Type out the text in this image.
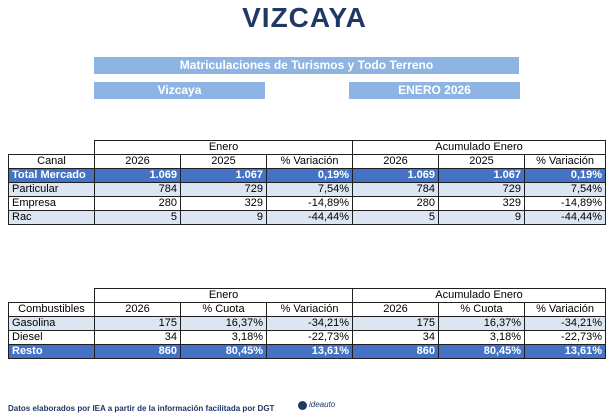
VIZCAYA
Matriculaciones de Turismos y Todo Terreno
Vizcaya	ENERO 2026
	Enero			Acumulado Enero		
Canal	2026	2025	% Variación	2026	2025	% Variación
Total Mercado	1.069	1.067	0,19%	1.069	1.067	0,19%
Particular	784	729	7,54%	784	729	7,54%
Empresa	280	329	-14,89%	280	329	-14,89%
Rac	5	9	-44,44%	5	9	-44,44%
	Enero			Acumulado Enero		
Combustibles	2026	% Cuota	% Variación	2026	% Cuota	% Variación
Gasolina	175	16,37%	-34,21%	175	16,37%	-34,21%
Diesel	34	3,18%	-22,73%	34	3,18%	-22,73%
Resto	860	80,45%	13,61%	860	80,45%	13,61%
Datos elaborados por IEA a partir de la información facilitada por DGT	ideauto
